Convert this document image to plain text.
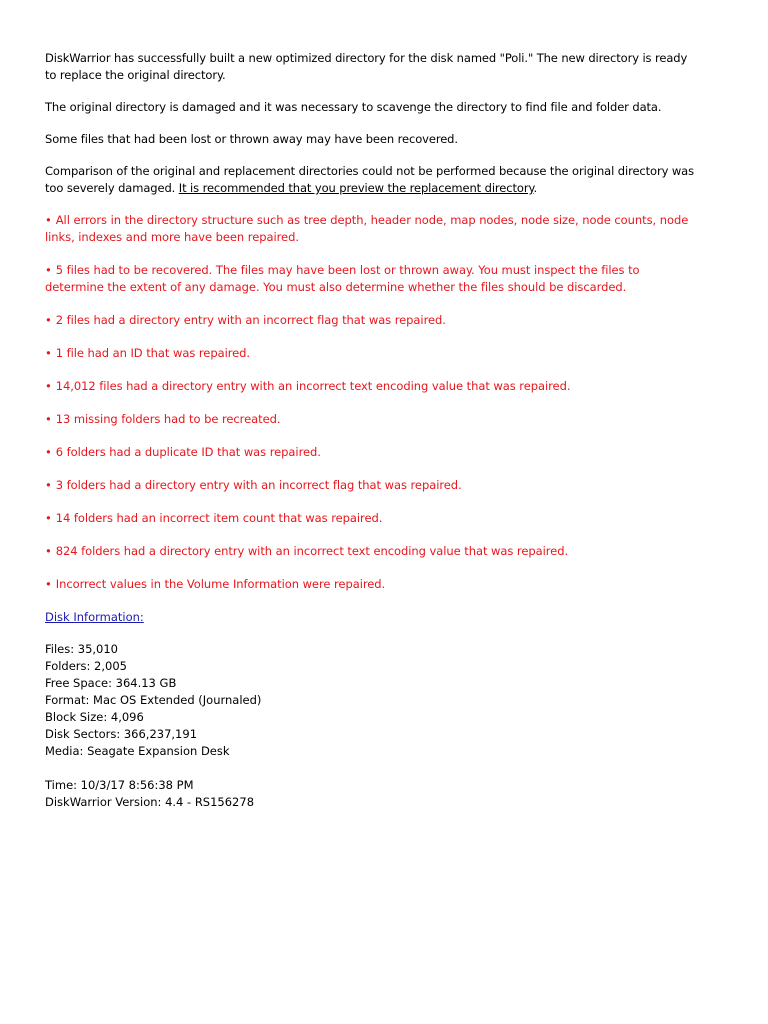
DiskWarrior has successfully built a new optimized directory for the disk named "Poli." The new directory is ready to replace the original directory.

The original directory is damaged and it was necessary to scavenge the directory to find file and folder data.

Some files that had been lost or thrown away may have been recovered.

Comparison of the original and replacement directories could not be performed because the original directory was too severely damaged. It is recommended that you preview the replacement directory.

• All errors in the directory structure such as tree depth, header node, map nodes, node size, node counts, node links, indexes and more have been repaired.

• 5 files had to be recovered. The files may have been lost or thrown away. You must inspect the files to determine the extent of any damage. You must also determine whether the files should be discarded.

• 2 files had a directory entry with an incorrect flag that was repaired.

• 1 file had an ID that was repaired.

• 14,012 files had a directory entry with an incorrect text encoding value that was repaired.

• 13 missing folders had to be recreated.

• 6 folders had a duplicate ID that was repaired.

• 3 folders had a directory entry with an incorrect flag that was repaired.

• 14 folders had an incorrect item count that was repaired.

• 824 folders had a directory entry with an incorrect text encoding value that was repaired.

• Incorrect values in the Volume Information were repaired.

Disk Information:

Files: 35,010

Folders: 2,005

Free Space: 364.13 GB

Format: Mac OS Extended (Journaled)

Block Size: 4,096

Disk Sectors: 366,237,191

Media: Seagate Expansion Desk

Time: 10/3/17 8:56:38 PM

DiskWarrior Version: 4.4 - RS156278
